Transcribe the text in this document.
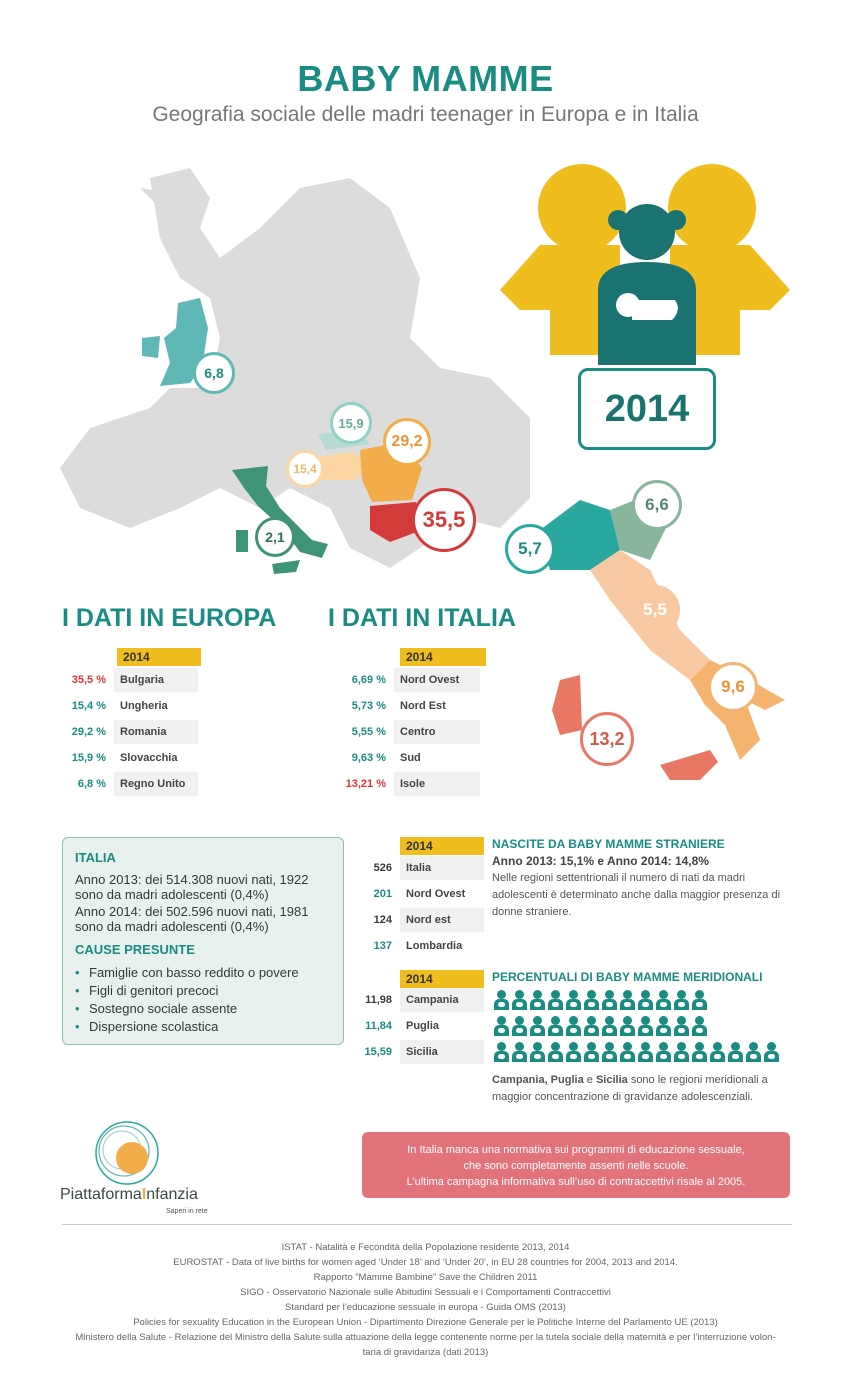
BABY MAMME
Geografia sociale delle madri teenager in Europa e in Italia
6,8
15,9
29,2
15,4
35,5
2,1
2014
5,7
6,6
5,5
9,6
13,2
I DATI IN EUROPA
2014
35,5 %	Bulgaria
15,4 %	Ungheria
29,2 %	Romania
15,9 %	Slovacchia
6,8 %	Regno Unito
I DATI IN ITALIA
2014
6,69 %	Nord Ovest
5,73 %	Nord Est
5,55 %	Centro
9,63 %	Sud
13,21 %	Isole
ITALIA

Anno 2013: dei 514.308 nuovi nati, 1922 sono da madri adolescenti (0,4%)

Anno 2014: dei 502.596 nuovi nati, 1981 sono da madri adolescenti (0,4%)

CAUSE PRESUNTE
• Famiglie con basso reddito o povere
• Figli di genitori precoci
• Sostegno sociale assente
• Dispersione scolastica
2014	NASCITE DA BABY MAMME STRANIERE
Anno 2013: 15,1% e Anno 2014: 14,8%
Nelle regioni settentrionali il numero di nati da madri adolescenti è determinato anche dalla maggior presenza di donne straniere.
526	Italia
201	Nord Ovest
124	Nord est
137	Lombardia
2014	PERCENTUALI DI BABY MAMME MERIDIONALI
11,98	Campania
11,84	Puglia
15,59	Sicilia
Campania, Puglia e Sicilia sono le regioni meridionali a maggior concentrazione di gravidanze adolescenziali.
PiattaformaInfanzia
Saperi in rete
In Italia manca una normativa sui programmi di educazione sessuale,
che sono completamente assenti nelle scuole.
L’ultima campagna informativa sull’uso di contraccettivi risale al 2005.
ISTAT - Natalità e Fecondità della Popolazione residente 2013, 2014
EUROSTAT - Data of live births for women aged ‘Under 18’ and ‘Under 20’, in EU 28 countries for 2004, 2013 and 2014.
Rapporto “Mamme Bambine” Save the Children 2011
SIGO - Osservatorio Nazionale sulle Abitudini Sessuali e i Comportamenti Contraccettivi
Standard per l’educazione sessuale in europa - Guida OMS (2013)
Policies for sexuality Education in the European Union - Dipartimento Direzione Generale per le Politiche Interne del Parlamento UE (2013)
Ministero della Salute - Relazione del Ministro della Salute sulla attuazione della legge contenente norme per la tutela sociale della maternità e per l’interruzione volon-
taria di gravidanza (dati 2013)
